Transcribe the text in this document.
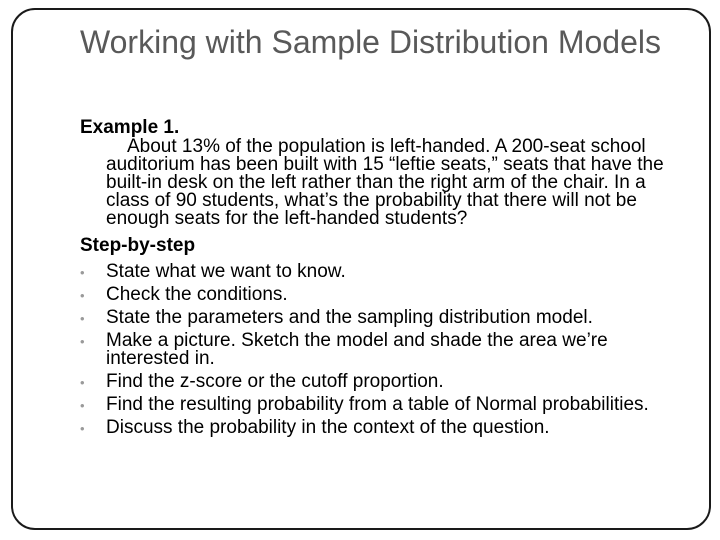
Working with Sample Distribution Models
Example 1.
About 13% of the population is left-handed. A 200-seat school auditorium has been built with 15 “leftie seats,” seats that have the built-in desk on the left rather than the right arm of the chair. In a class of 90 students, what’s the probability that there will not be enough seats for the left-handed students?
Step-by-step
•	State what we want to know.
•	Check the conditions.
•	State the parameters and the sampling distribution model.
•	Make a picture. Sketch the model and shade the area we’re interested in.
•	Find the z-score or the cutoff proportion.
•	Find the resulting probability from a table of Normal probabilities.
•	Discuss the probability in the context of the question.
